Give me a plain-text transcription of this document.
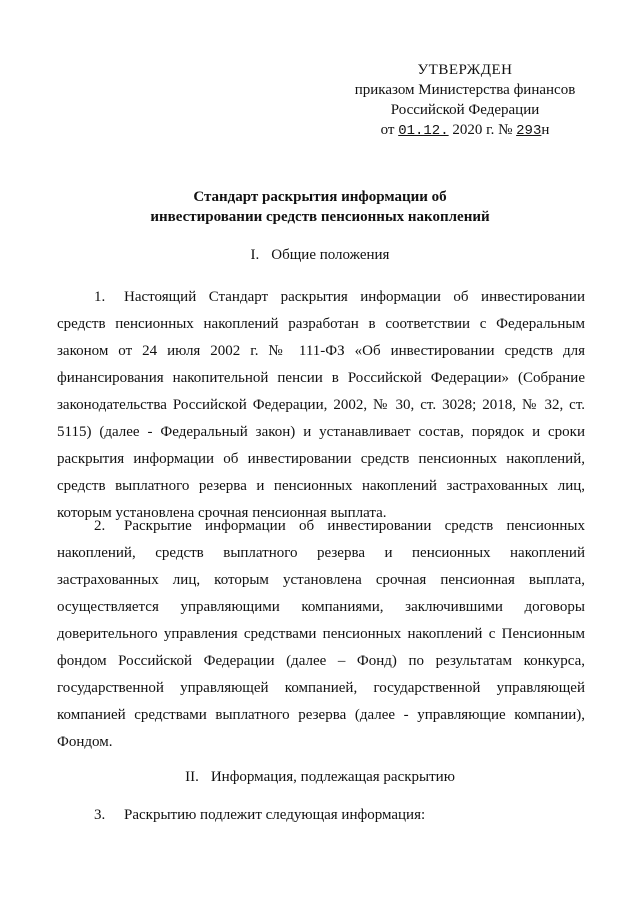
УТВЕРЖДЕН
приказом Министерства финансов
Российской Федерации
от 01.12. 2020 г. № 293н
Стандарт раскрытия информации об
инвестировании средств пенсионных накоплений
I. Общие положения

1. Настоящий Стандарт раскрытия информации об инвестировании средств пенсионных накоплений разработан в соответствии с Федеральным законом от 24 июля 2002 г. № 111-ФЗ «Об инвестировании средств для финансирования накопительной пенсии в Российской Федерации» (Собрание законодательства Российской Федерации, 2002, № 30, ст. 3028; 2018, № 32, ст. 5115) (далее - Федеральный закон) и устанавливает состав, порядок и сроки раскрытия информации об инвестировании средств пенсионных накоплений, средств выплатного резерва и пенсионных накоплений застрахованных лиц, которым установлена срочная пенсионная выплата.

2. Раскрытие информации об инвестировании средств пенсионных накоплений, средств выплатного резерва и пенсионных накоплений застрахованных лиц, которым установлена срочная пенсионная выплата, осуществляется управляющими компаниями, заключившими договоры доверительного управления средствами пенсионных накоплений с Пенсионным фондом Российской Федерации (далее – Фонд) по результатам конкурса, государственной управляющей компанией, государственной управляющей компанией средствами выплатного резерва (далее - управляющие компании), Фондом.

II. Информация, подлежащая раскрытию
3. Раскрытию подлежит следующая информация:
